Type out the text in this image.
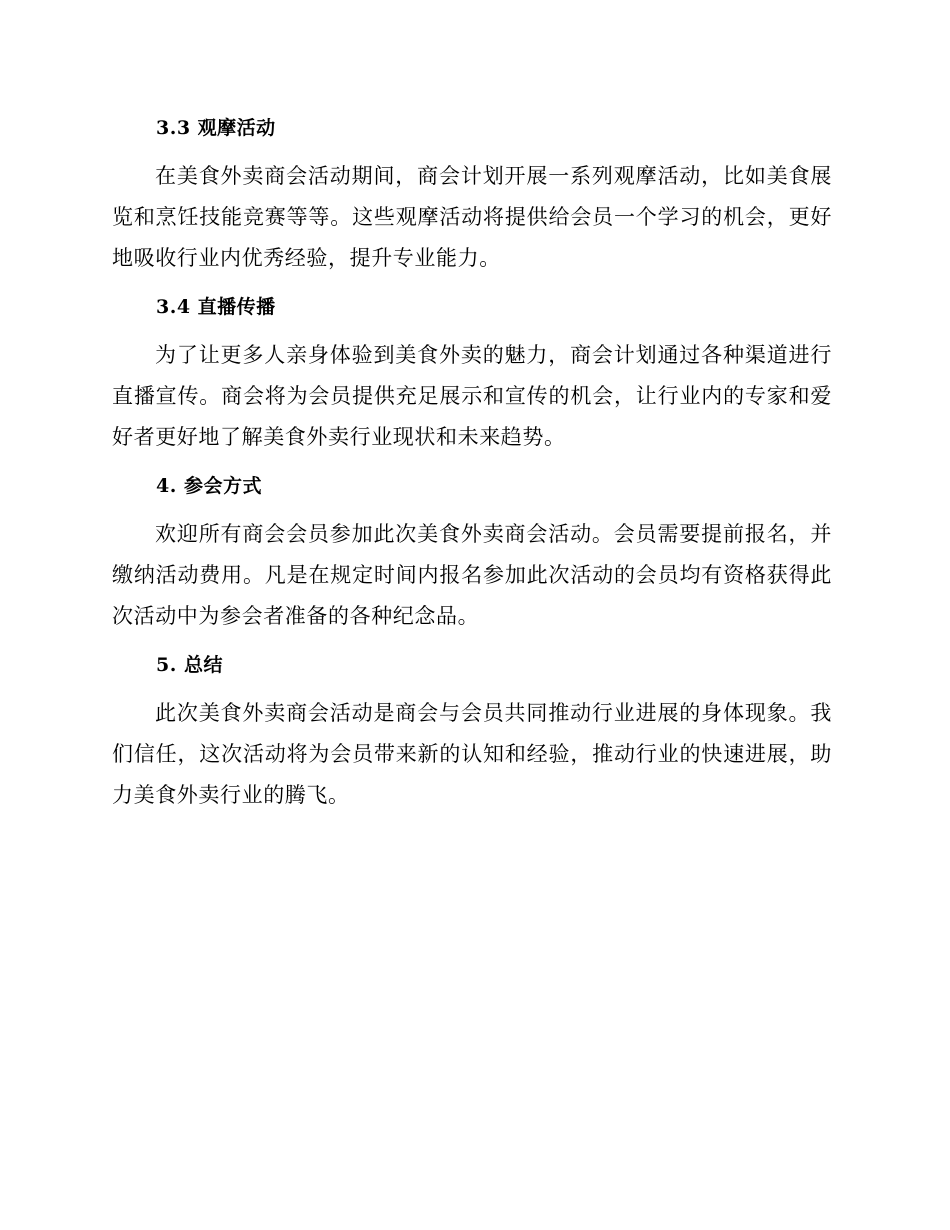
3.3 观摩活动

在美食外卖商会活动期间，商会计划开展一系列观摩活动，比如美食展览和烹饪技能竞赛等等。这些观摩活动将提供给会员一个学习的机会，更好地吸收行业内优秀经验，提升专业能力。

3.4 直播传播

为了让更多人亲身体验到美食外卖的魅力，商会计划通过各种渠道进行直播宣传。商会将为会员提供充足展示和宣传的机会，让行业内的专家和爱好者更好地了解美食外卖行业现状和未来趋势。

4. 参会方式

欢迎所有商会会员参加此次美食外卖商会活动。会员需要提前报名，并缴纳活动费用。凡是在规定时间内报名参加此次活动的会员均有资格获得此次活动中为参会者准备的各种纪念品。

5. 总结

此次美食外卖商会活动是商会与会员共同推动行业进展的身体现象。我们信任，这次活动将为会员带来新的认知和经验，推动行业的快速进展，助力美食外卖行业的腾飞。
